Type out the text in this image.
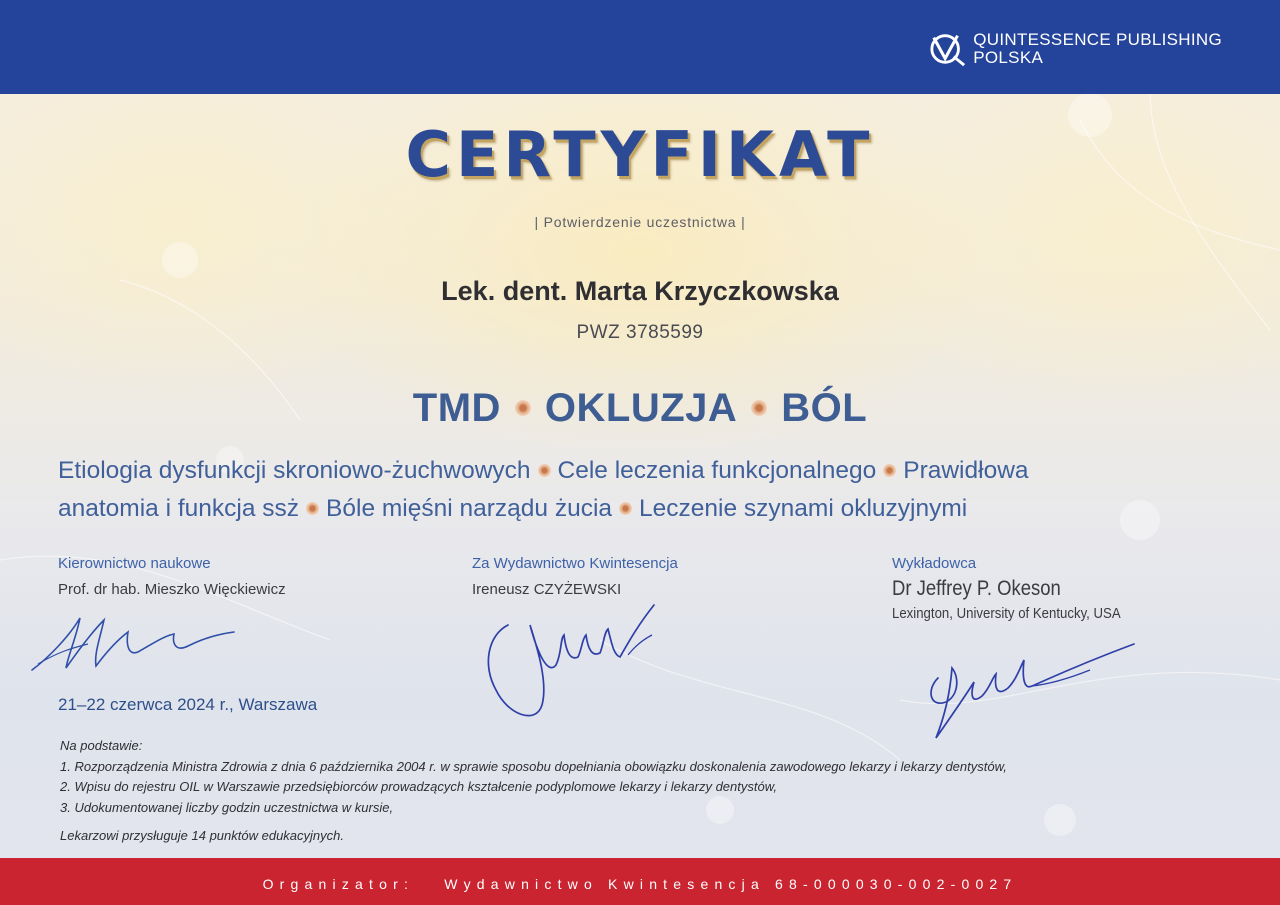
QUINTESSENCE PUBLISHING
POLSKA
CERTYFIKAT
| Potwierdzenie uczestnictwa |
Lek. dent. Marta Krzyczkowska
PWZ 3785599
TMD OKLUZJA BÓL
Etiologia dysfunkcji skroniowo-żuchwowych Cele leczenia funkcjonalnego Prawidłowa
anatomia i funkcja ssż Bóle mięśni narządu żucia Leczenie szynami okluzyjnymi
Kierownictwo naukowe
Prof. dr hab. Mieszko Więckiewicz
Za Wydawnictwo Kwintesencja
Ireneusz CZYŻEWSKI
Wykładowca
Dr Jeffrey P. Okeson
Lexington, University of Kentucky, USA
21–22 czerwca 2024 r., Warszawa
Na podstawie:
1. Rozporządzenia Ministra Zdrowia z dnia 6 października 2004 r. w sprawie sposobu dopełniania obowiązku doskonalenia zawodowego lekarzy i lekarzy dentystów,
2. Wpisu do rejestru OIL w Warszawie przedsiębiorców prowadzących kształcenie podyplomowe lekarzy i lekarzy dentystów,
3. Udokumentowanej liczby godzin uczestnictwa w kursie,
Lekarzowi przysługuje 14 punktów edukacyjnych.
Organizator:   Wydawnictwo Kwintesencja 68-000030-002-0027
